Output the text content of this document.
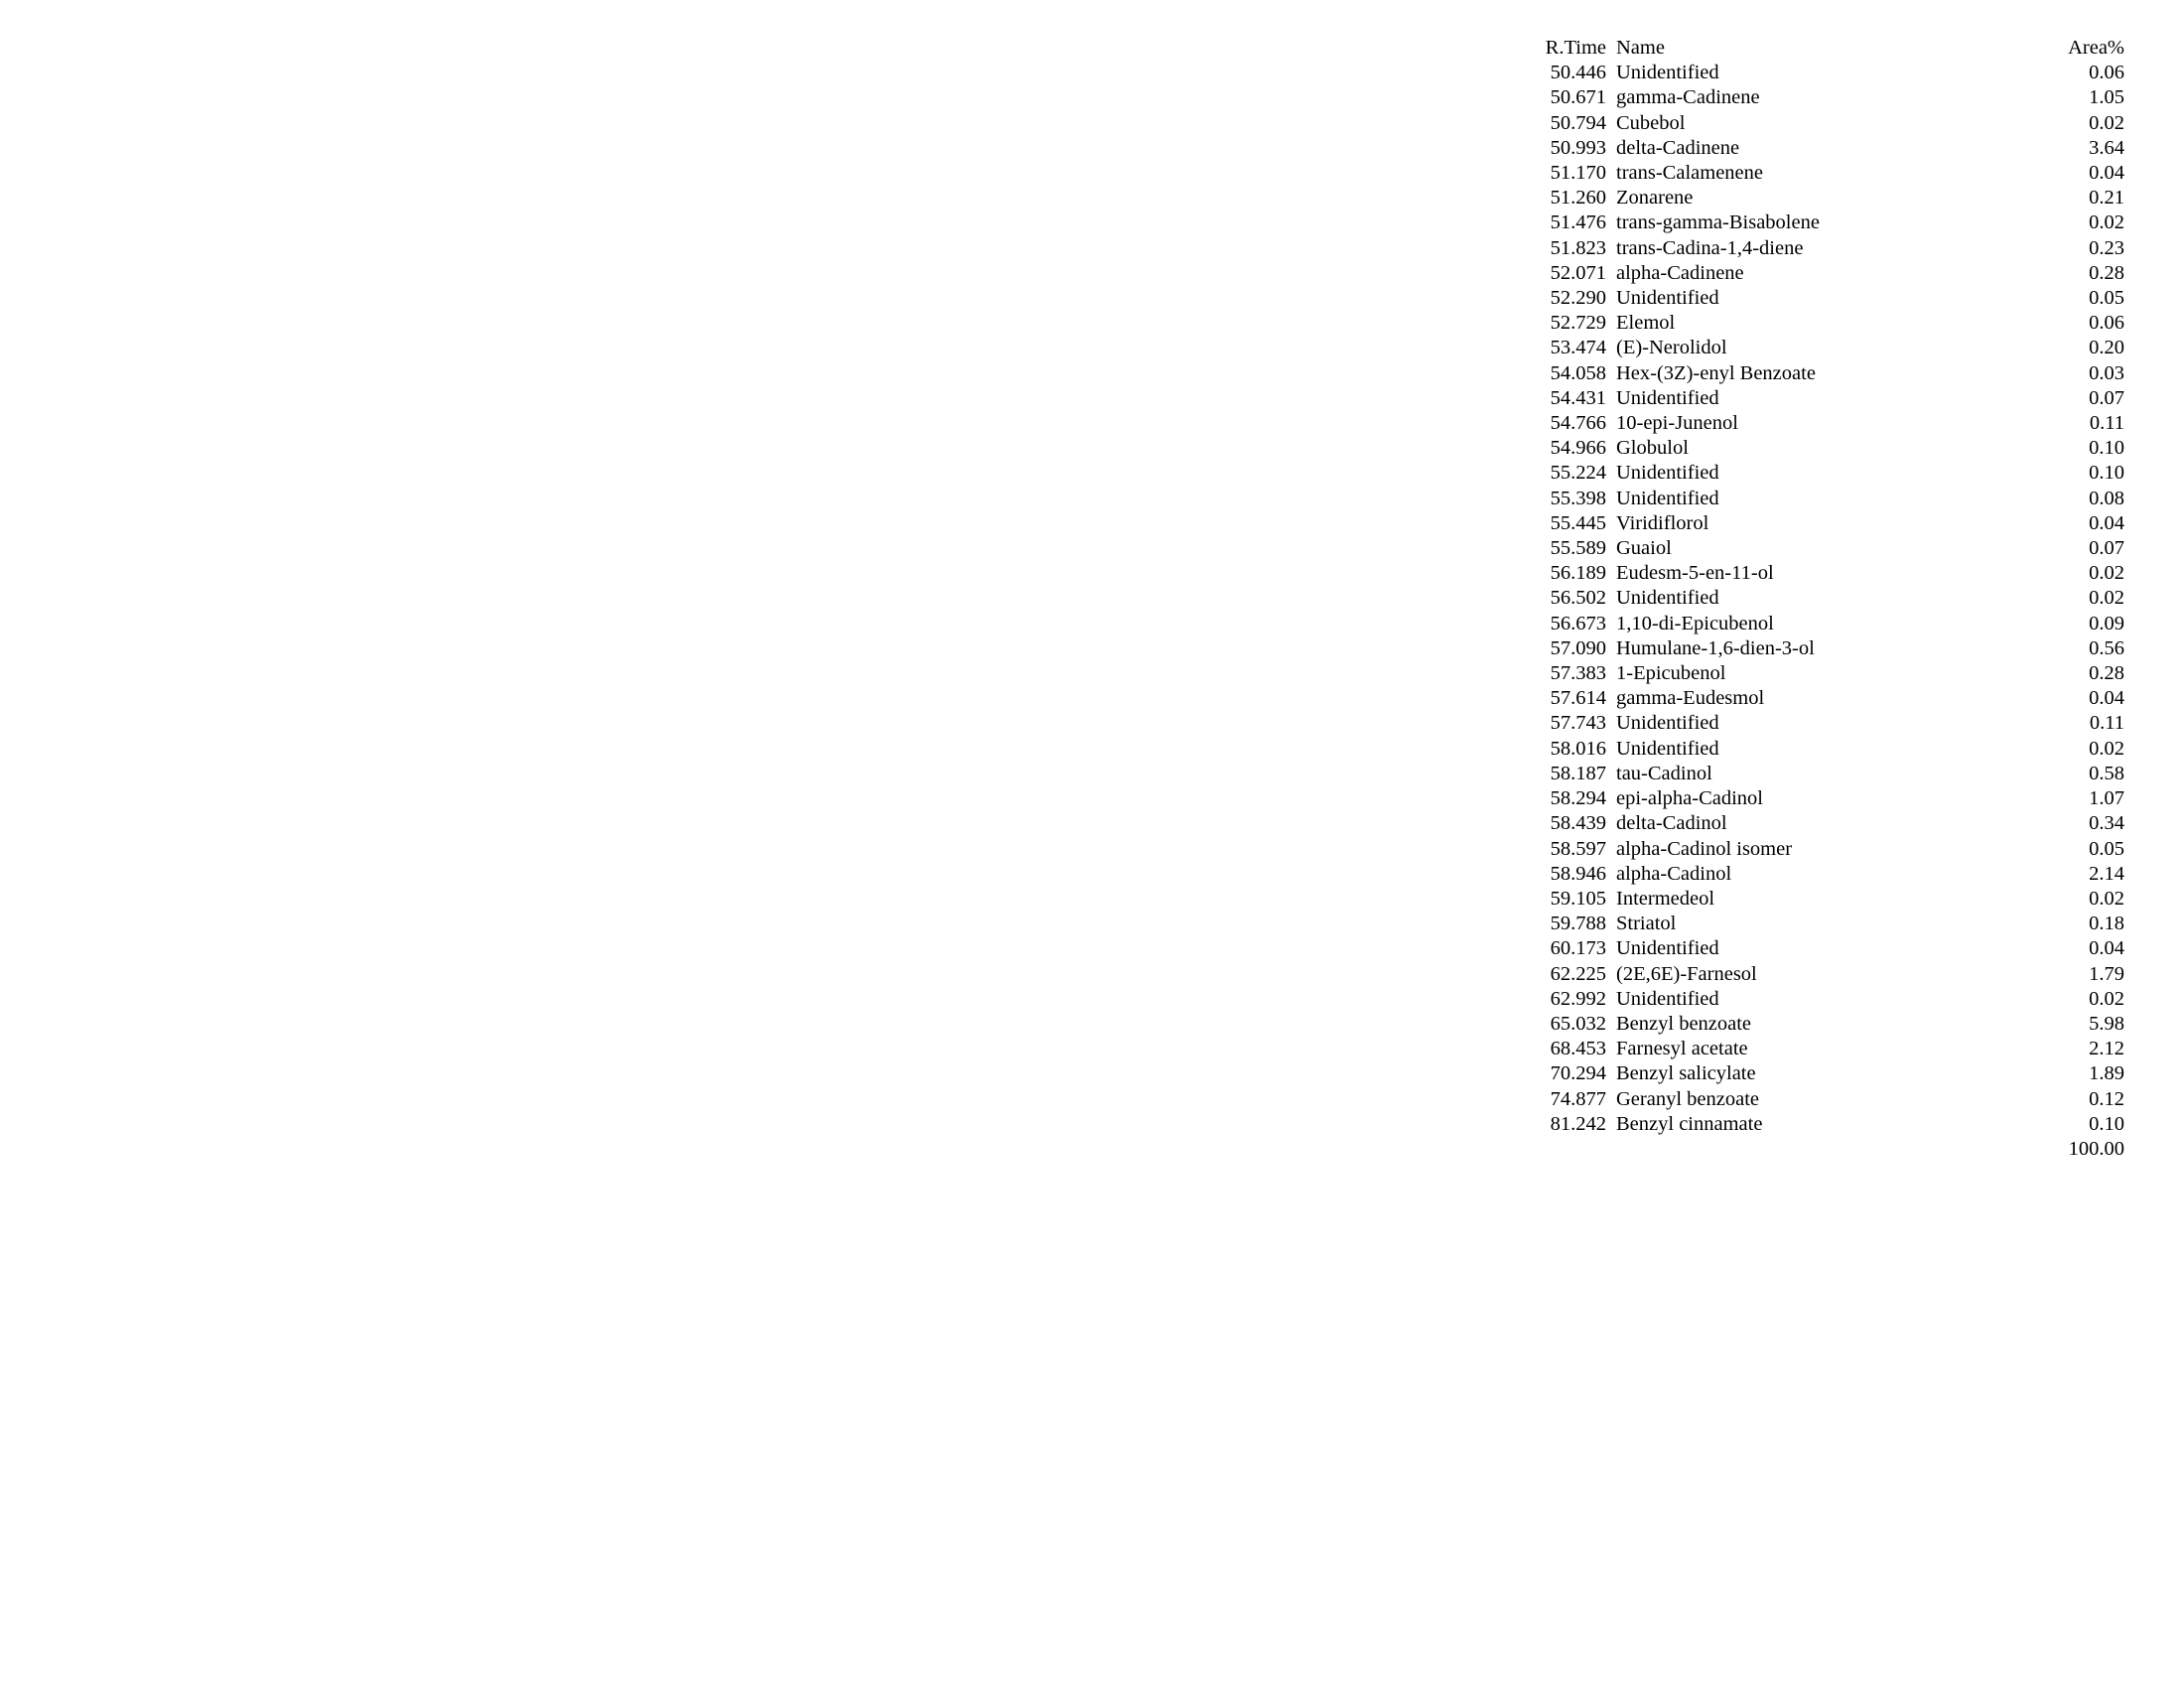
R.Time	Name	Area%
50.446	Unidentified	0.06
50.671	gamma-Cadinene	1.05
50.794	Cubebol	0.02
50.993	delta-Cadinene	3.64
51.170	trans-Calamenene	0.04
51.260	Zonarene	0.21
51.476	trans-gamma-Bisabolene	0.02
51.823	trans-Cadina-1,4-diene	0.23
52.071	alpha-Cadinene	0.28
52.290	Unidentified	0.05
52.729	Elemol	0.06
53.474	(E)-Nerolidol	0.20
54.058	Hex-(3Z)-enyl Benzoate	0.03
54.431	Unidentified	0.07
54.766	10-epi-Junenol	0.11
54.966	Globulol	0.10
55.224	Unidentified	0.10
55.398	Unidentified	0.08
55.445	Viridiflorol	0.04
55.589	Guaiol	0.07
56.189	Eudesm-5-en-11-ol	0.02
56.502	Unidentified	0.02
56.673	1,10-di-Epicubenol	0.09
57.090	Humulane-1,6-dien-3-ol	0.56
57.383	1-Epicubenol	0.28
57.614	gamma-Eudesmol	0.04
57.743	Unidentified	0.11
58.016	Unidentified	0.02
58.187	tau-Cadinol	0.58
58.294	epi-alpha-Cadinol	1.07
58.439	delta-Cadinol	0.34
58.597	alpha-Cadinol isomer	0.05
58.946	alpha-Cadinol	2.14
59.105	Intermedeol	0.02
59.788	Striatol	0.18
60.173	Unidentified	0.04
62.225	(2E,6E)-Farnesol	1.79
62.992	Unidentified	0.02
65.032	Benzyl benzoate	5.98
68.453	Farnesyl acetate	2.12
70.294	Benzyl salicylate	1.89
74.877	Geranyl benzoate	0.12
81.242	Benzyl cinnamate	0.10
		100.00
